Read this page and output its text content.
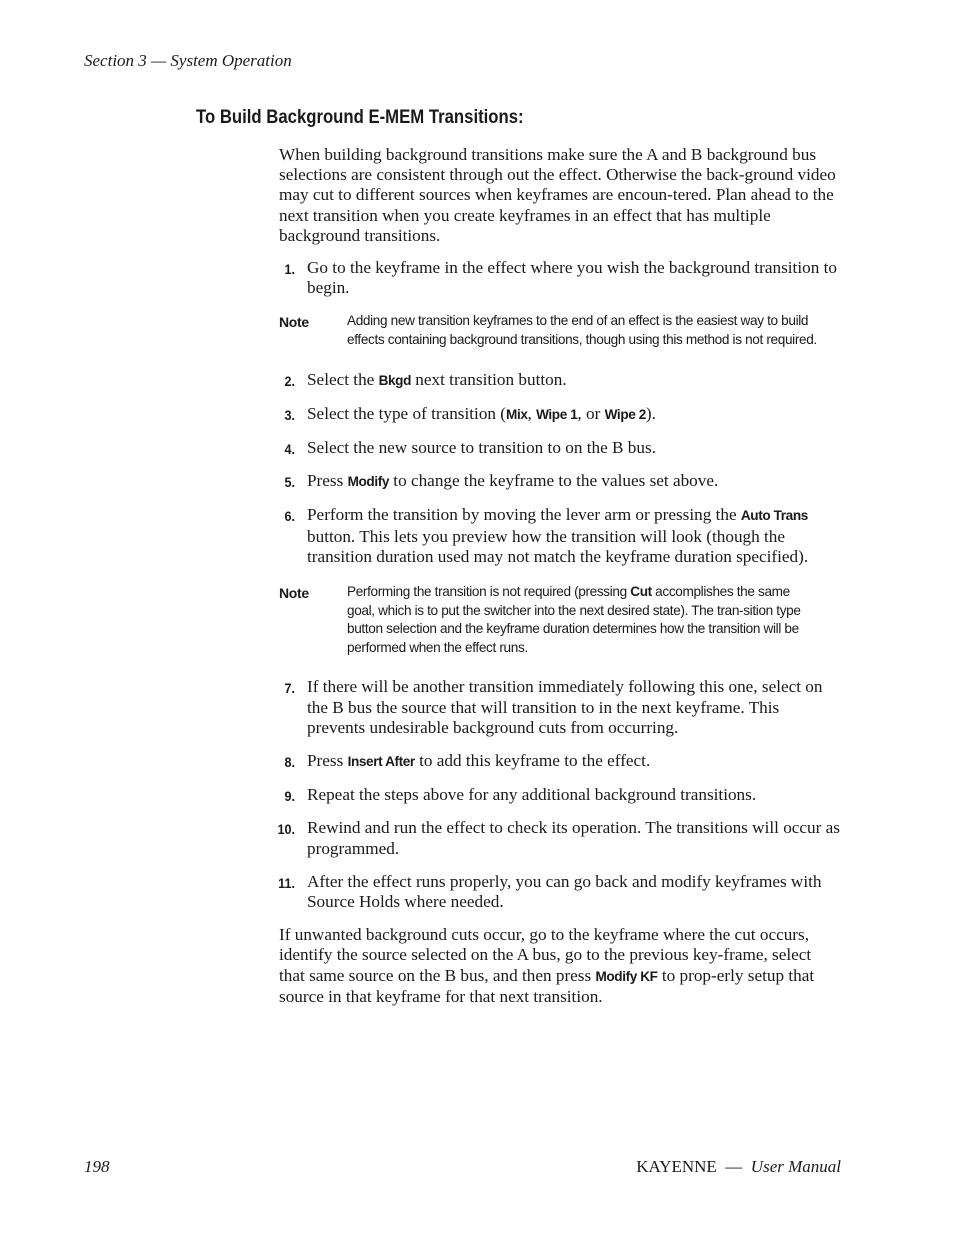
Section 3 — System Operation
To Build Background E-MEM Transitions:

When building background transitions make sure the A and B background bus selections are consistent through out the effect. Otherwise the back-ground video may cut to different sources when keyframes are encoun-tered. Plan ahead to the next transition when you create keyframes in an effect that has multiple background transitions.

1. Go to the keyframe in the effect where you wish the background transition to begin.
Note	Adding new transition keyframes to the end of an effect is the easiest way to build effects containing background transitions, though using this method is not required.
2. Select the Bkgd next transition button.
3. Select the type of transition (Mix, Wipe 1, or Wipe 2).
4. Select the new source to transition to on the B bus.
5. Press Modify to change the keyframe to the values set above.
6. Perform the transition by moving the lever arm or pressing the Auto Trans button. This lets you preview how the transition will look (though the transition duration used may not match the keyframe duration specified).
Note	Performing the transition is not required (pressing Cut accomplishes the same goal, which is to put the switcher into the next desired state). The tran-sition type button selection and the keyframe duration determines how the transition will be performed when the effect runs.
7. If there will be another transition immediately following this one, select on the B bus the source that will transition to in the next keyframe. This prevents undesirable background cuts from occurring.
8. Press Insert After to add this keyframe to the effect.
9. Repeat the steps above for any additional background transitions.
10. Rewind and run the effect to check its operation. The transitions will occur as programmed.
11. After the effect runs properly, you can go back and modify keyframes with Source Holds where needed.

If unwanted background cuts occur, go to the keyframe where the cut occurs, identify the source selected on the A bus, go to the previous key-frame, select that same source on the B bus, and then press Modify KF to prop-erly setup that source in that keyframe for that next transition.

198	KAYENNE — User Manual
